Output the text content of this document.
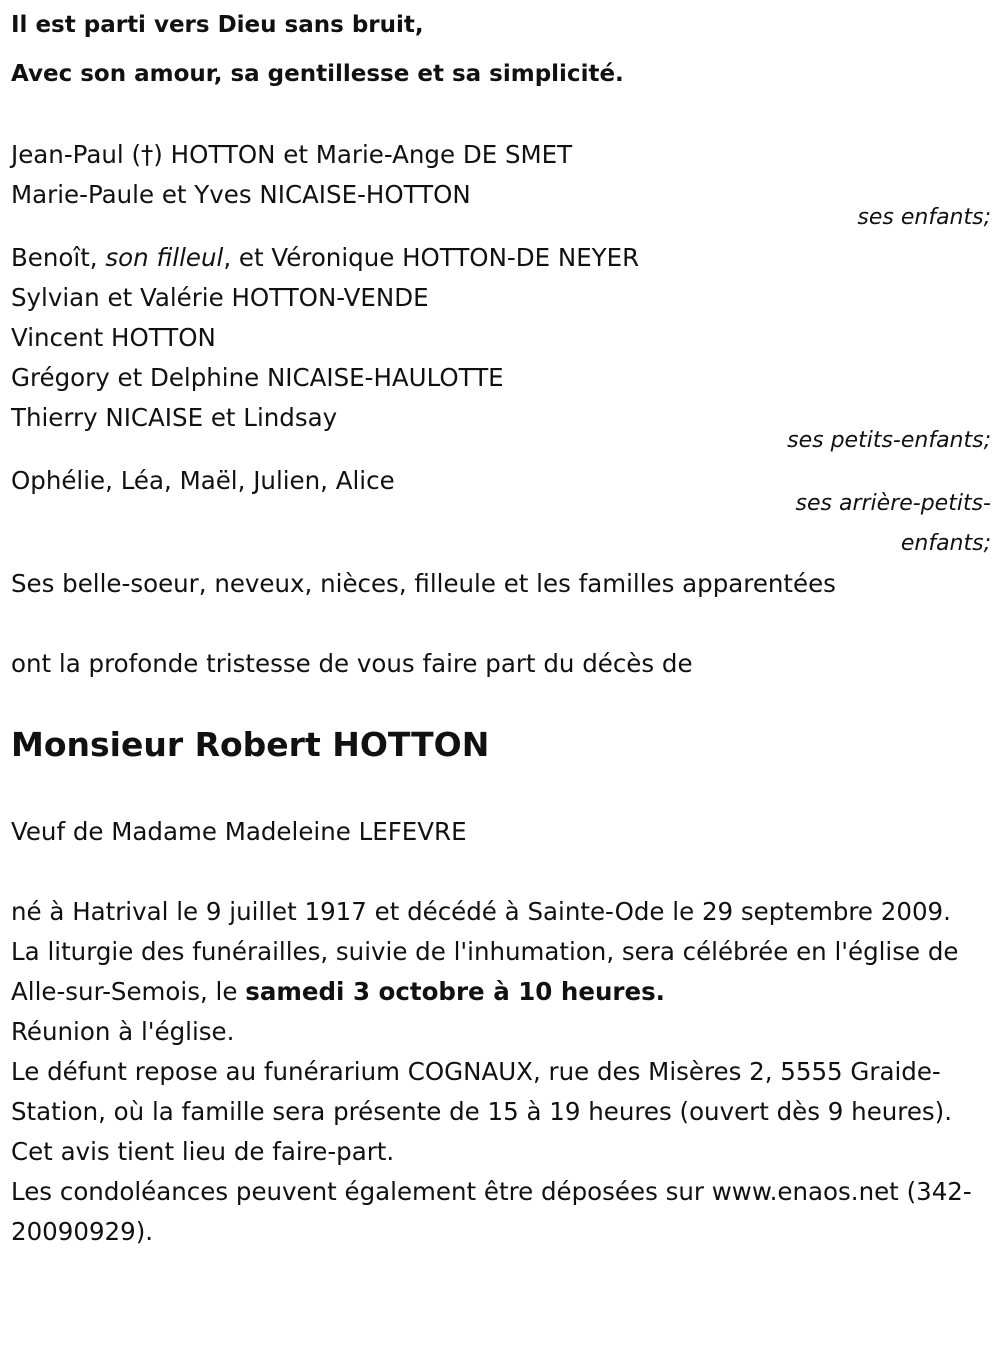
Il est parti vers Dieu sans bruit,
Avec son amour, sa gentillesse et sa simplicité.
Jean-Paul (†) HOTTON et Marie-Ange DE SMET
Marie-Paule et Yves NICAISE-HOTTON
ses enfants;
Benoît, son filleul, et Véronique HOTTON-DE NEYER
Sylvian et Valérie HOTTON-VENDE
Vincent HOTTON
Grégory et Delphine NICAISE-HAULOTTE
Thierry NICAISE et Lindsay
ses petits-enfants;
Ophélie, Léa, Maël, Julien, Alice
ses arrière-petits-
enfants;
Ses belle-soeur, neveux, nièces, filleule et les familles apparentées
ont la profonde tristesse de vous faire part du décès de
Monsieur Robert HOTTON
Veuf de Madame Madeleine LEFEVRE
né à Hatrival le 9 juillet 1917 et décédé à Sainte-Ode le 29 septembre 2009.
La liturgie des funérailles, suivie de l'inhumation, sera célébrée en l'église de Alle-sur-Semois, le samedi 3 octobre à 10 heures.
Réunion à l'église.
Le défunt repose au funérarium COGNAUX, rue des Misères 2, 5555 Graide-Station, où la famille sera présente de 15 à 19 heures (ouvert dès 9 heures).
Cet avis tient lieu de faire-part.
Les condoléances peuvent également être déposées sur www.enaos.net (342-20090929).
